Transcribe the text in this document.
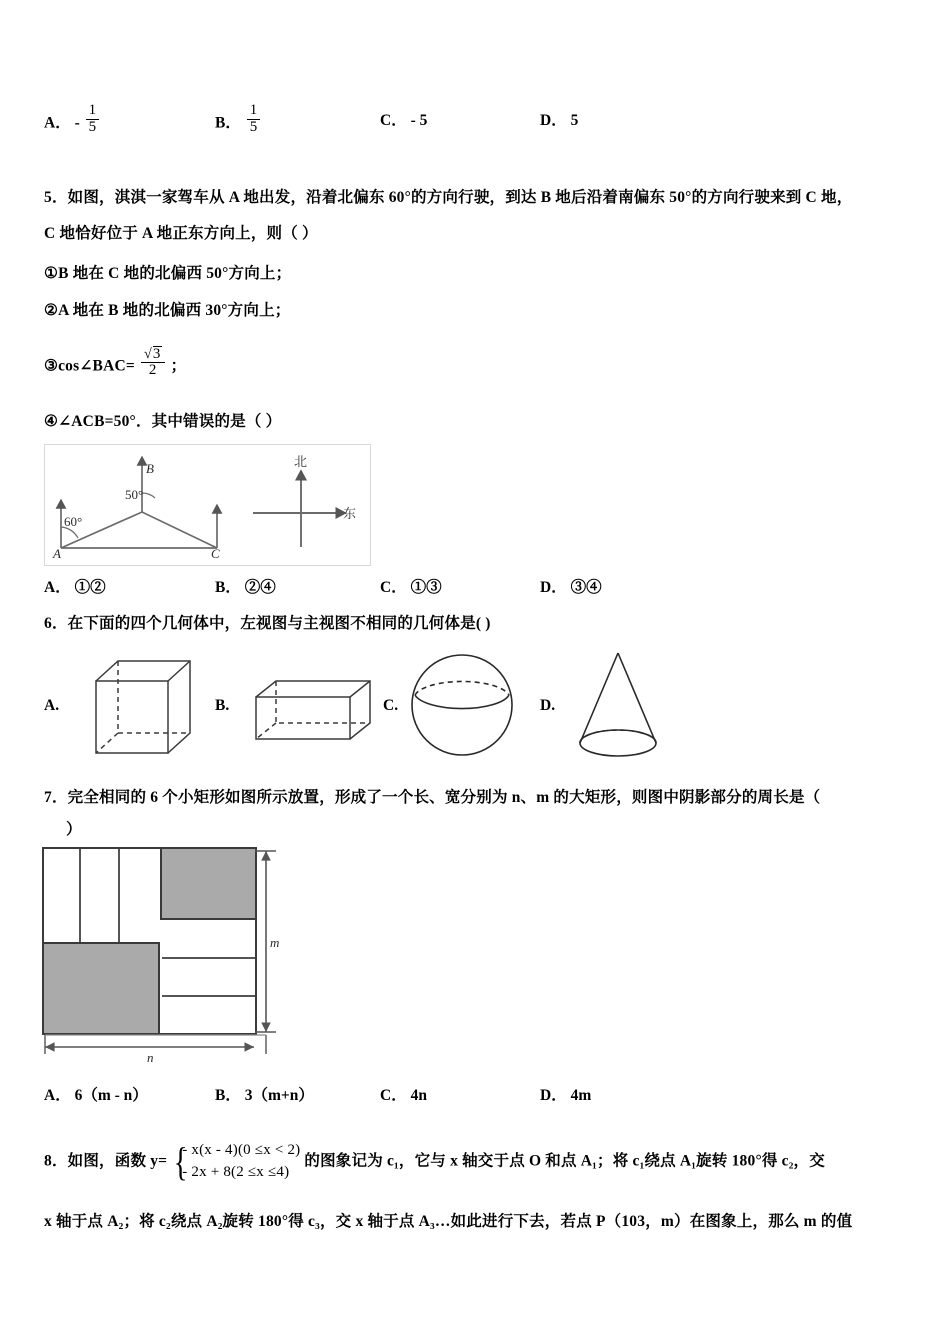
A． - $\frac{1}{5}$	B． $\frac{1}{5}$	C． - 5	D． 5
5．如图，淇淇一家驾车从 A 地出发，沿着北偏东 60°的方向行驶，到达 B 地后沿着南偏东 50°的方向行驶来到 C 地，
C 地恰好位于 A 地正东方向上，则（ ）
①B 地在 C 地的北偏西 50°方向上；
②A 地在 B 地的北偏西 30°方向上；
③cos∠BAC= $\frac{√3}{2}$ ；
④∠ACB=50°．其中错误的是（ ）
A
B
C
60°
50°
北
东
A． ①②	B． ②④	C． ①③	D． ③④
6．在下面的四个几何体中，左视图与主视图不相同的几何体是( )
A.	B.	C.	D.
7．完全相同的 6 个小矩形如图所示放置，形成了一个长、宽分别为 n、m 的大矩形，则图中阴影部分的周长是（
）
n
m
A． 6（m - n）	B． 3（m+n）	C． 4n	D． 4m
8．如图，函数 y= {
- x(x - 4)(0 ≤x < 2)
- 2x + 8(2 ≤x ≤4)
的图象记为 c₁，它与 x 轴交于点 O 和点 A₁；将 c₁绕点 A₁旋转 180°得 c₂，交
x 轴于点 A₂；将 c₂绕点 A₂旋转 180°得 c₃，交 x 轴于点 A₃…如此进行下去，若点 P（103，m）在图象上，那么 m 的值
